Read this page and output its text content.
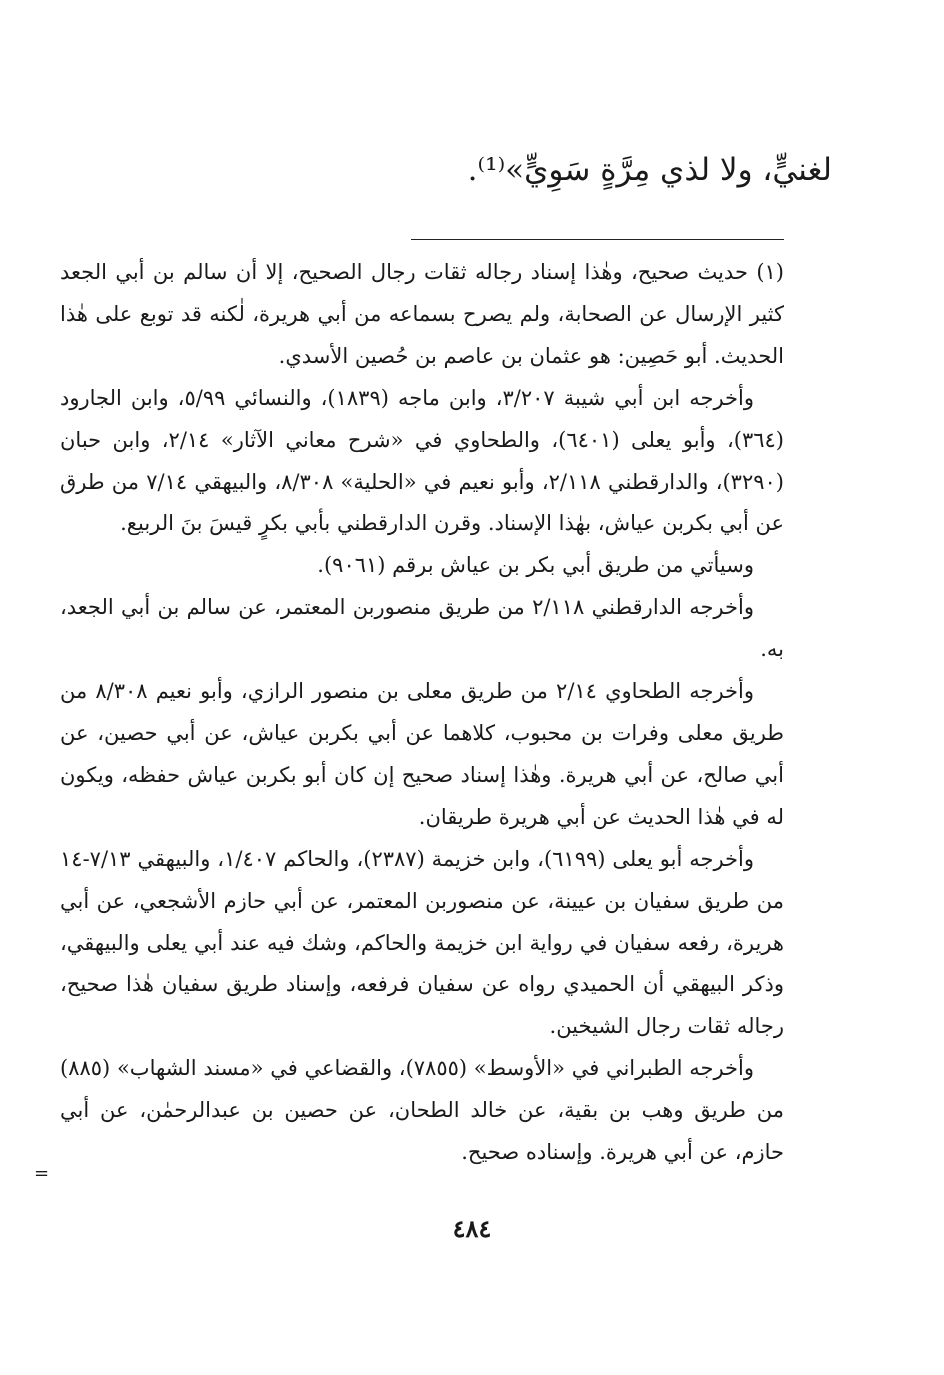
لغنيٍّ، ولا لذي مِرَّةٍ سَوِيٍّ»⁽¹⁾.

(١) حديث صحيح، وهٰذا إسناد رجاله ثقات رجال الصحيح، إلا أن سالم بن أبي الجعد كثير الإرسال عن الصحابة، ولم يصرح بسماعه من أبي هريرة، لٰكنه قد توبع على هٰذا الحديث. أبو حَصِين: هو عثمان بن عاصم بن حُصين الأسدي.

وأخرجه ابن أبي شيبة ٣/٢٠٧، وابن ماجه (١٨٣٩)، والنسائي ٥/٩٩، وابن الجارود (٣٦٤)، وأبو يعلى (٦٤٠١)، والطحاوي في «شرح معاني الآثار» ٢/١٤، وابن حبان (٣٢٩٠)، والدارقطني ٢/١١٨، وأبو نعيم في «الحلية» ٨/٣٠٨، والبيهقي ٧/١٤ من طرق عن أبي بكربن عياش، بهٰذا الإسناد. وقرن الدارقطني بأبي بكرٍ قيسَ بنَ الربيع.

وسيأتي من طريق أبي بكر بن عياش برقم (٩٠٦١).

وأخرجه الدارقطني ٢/١١٨ من طريق منصوربن المعتمر، عن سالم بن أبي الجعد، به.

وأخرجه الطحاوي ٢/١٤ من طريق معلى بن منصور الرازي، وأبو نعيم ٨/٣٠٨ من طريق معلى وفرات بن محبوب، كلاهما عن أبي بكربن عياش، عن أبي حصين، عن أبي صالح، عن أبي هريرة. وهٰذا إسناد صحيح إن كان أبو بكربن عياش حفظه، ويكون له في هٰذا الحديث عن أبي هريرة طريقان.

وأخرجه أبو يعلى (٦١٩٩)، وابن خزيمة (٢٣٨٧)، والحاكم ١/٤٠٧، والبيهقي ٧/١٣-١٤ من طريق سفيان بن عيينة، عن منصوربن المعتمر، عن أبي حازم الأشجعي، عن أبي هريرة، رفعه سفيان في رواية ابن خزيمة والحاكم، وشك فيه عند أبي يعلى والبيهقي، وذكر البيهقي أن الحميدي رواه عن سفيان فرفعه، وإسناد طريق سفيان هٰذا صحيح، رجاله ثقات رجال الشيخين.

وأخرجه الطبراني في «الأوسط» (٧٨٥٥)، والقضاعي في «مسند الشهاب» (٨٨٥) من طريق وهب بن بقية، عن خالد الطحان، عن حصين بن عبدالرحمٰن، عن أبي حازم، عن أبي هريرة. وإسناده صحيح.

=

٤٨٤
